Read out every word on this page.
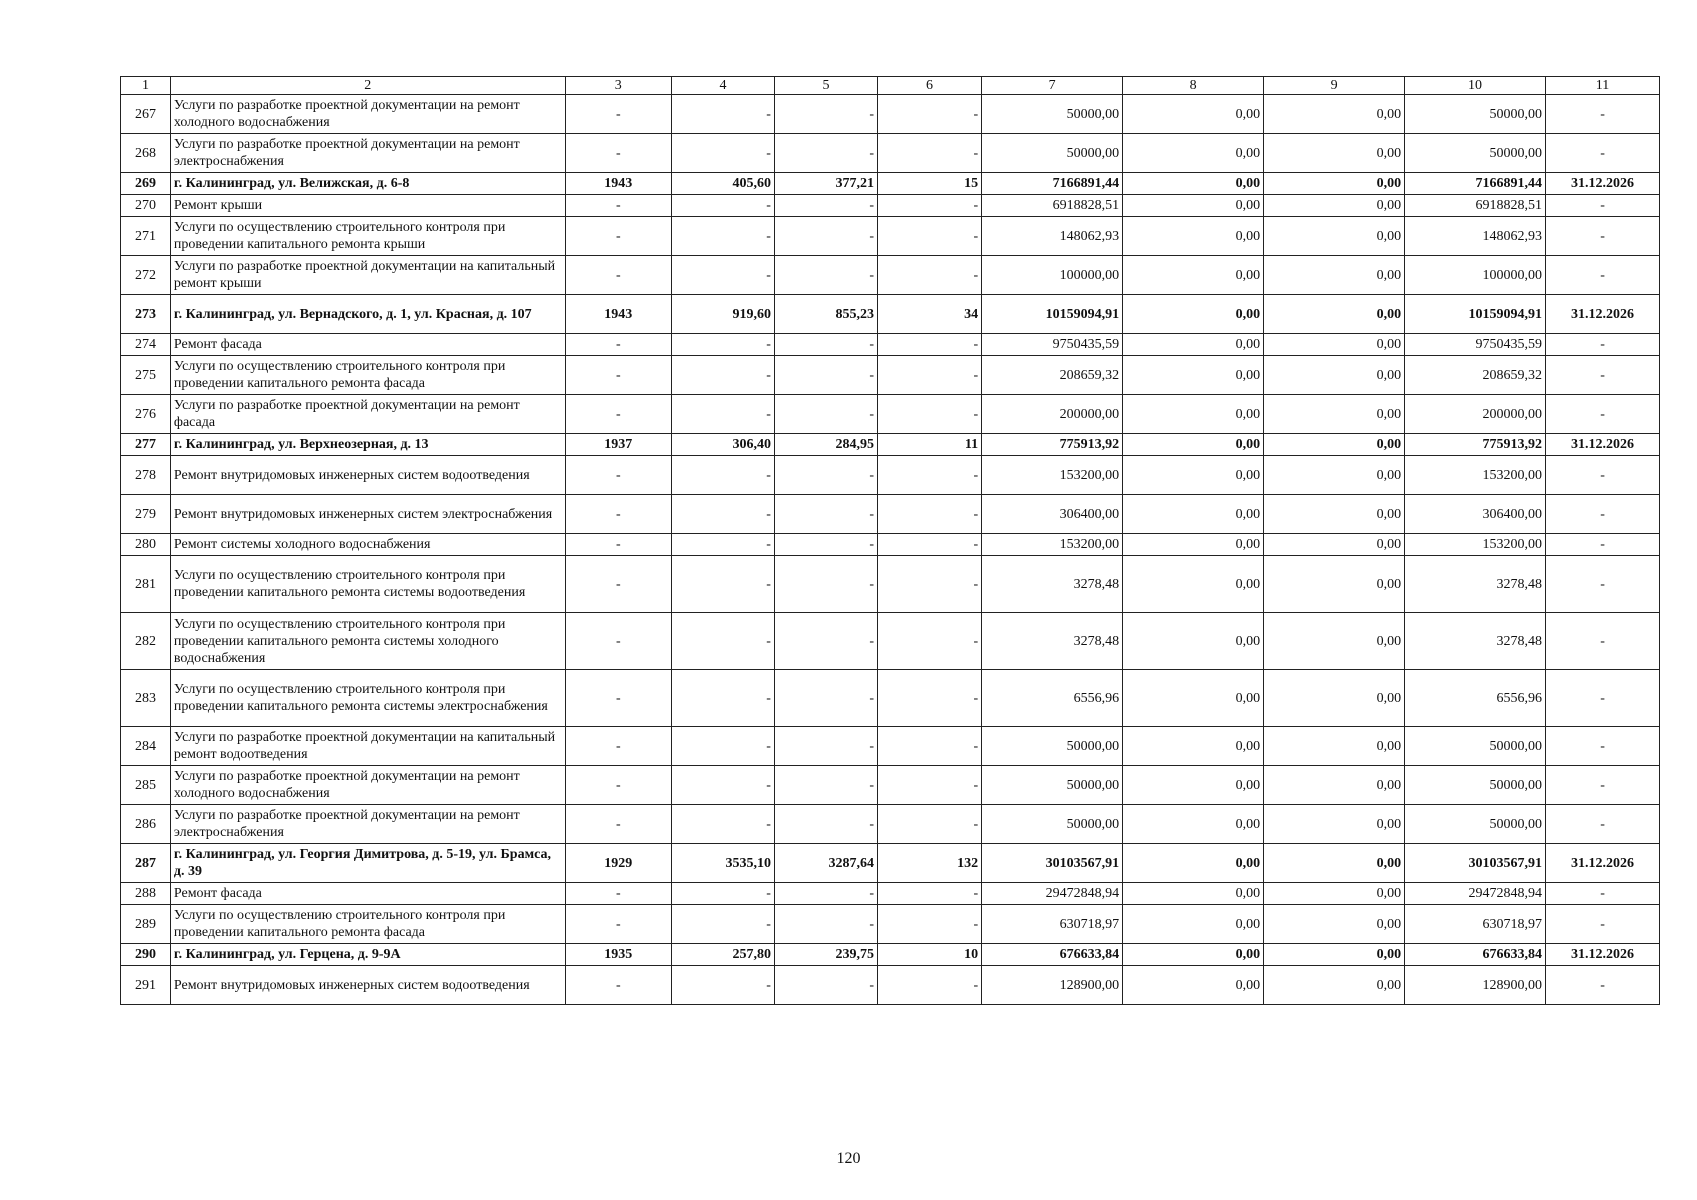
1	2	3	4	5	6	7	8	9	10	11
267	Услуги по разработке проектной документации на ремонт холодного водоснабжения	-	-	-	-	50000,00	0,00	0,00	50000,00	-
268	Услуги по разработке проектной документации на ремонт электроснабжения	-	-	-	-	50000,00	0,00	0,00	50000,00	-
269	г. Калининград, ул. Велижская, д. 6-8	1943	405,60	377,21	15	7166891,44	0,00	0,00	7166891,44	31.12.2026
270	Ремонт крыши	-	-	-	-	6918828,51	0,00	0,00	6918828,51	-
271	Услуги по осуществлению строительного контроля при проведении капитального ремонта крыши	-	-	-	-	148062,93	0,00	0,00	148062,93	-
272	Услуги по разработке проектной документации на капитальный ремонт крыши	-	-	-	-	100000,00	0,00	0,00	100000,00	-
273	г. Калининград, ул. Вернадского, д. 1, ул. Красная, д. 107	1943	919,60	855,23	34	10159094,91	0,00	0,00	10159094,91	31.12.2026
274	Ремонт фасада	-	-	-	-	9750435,59	0,00	0,00	9750435,59	-
275	Услуги по осуществлению строительного контроля при проведении капитального ремонта фасада	-	-	-	-	208659,32	0,00	0,00	208659,32	-
276	Услуги по разработке проектной документации на ремонт фасада	-	-	-	-	200000,00	0,00	0,00	200000,00	-
277	г. Калининград, ул. Верхнеозерная, д. 13	1937	306,40	284,95	11	775913,92	0,00	0,00	775913,92	31.12.2026
278	Ремонт внутридомовых инженерных систем водоотведения	-	-	-	-	153200,00	0,00	0,00	153200,00	-
279	Ремонт внутридомовых инженерных систем электроснабжения	-	-	-	-	306400,00	0,00	0,00	306400,00	-
280	Ремонт системы холодного водоснабжения	-	-	-	-	153200,00	0,00	0,00	153200,00	-
281	Услуги по осуществлению строительного контроля при проведении капитального ремонта системы водоотведения	-	-	-	-	3278,48	0,00	0,00	3278,48	-
282	Услуги по осуществлению строительного контроля при проведении капитального ремонта системы холодного водоснабжения	-	-	-	-	3278,48	0,00	0,00	3278,48	-
283	Услуги по осуществлению строительного контроля при проведении капитального ремонта системы электроснабжения	-	-	-	-	6556,96	0,00	0,00	6556,96	-
284	Услуги по разработке проектной документации на капитальный ремонт водоотведения	-	-	-	-	50000,00	0,00	0,00	50000,00	-
285	Услуги по разработке проектной документации на ремонт холодного водоснабжения	-	-	-	-	50000,00	0,00	0,00	50000,00	-
286	Услуги по разработке проектной документации на ремонт электроснабжения	-	-	-	-	50000,00	0,00	0,00	50000,00	-
287	г. Калининград, ул. Георгия Димитрова, д. 5-19, ул. Брамса, д. 39	1929	3535,10	3287,64	132	30103567,91	0,00	0,00	30103567,91	31.12.2026
288	Ремонт фасада	-	-	-	-	29472848,94	0,00	0,00	29472848,94	-
289	Услуги по осуществлению строительного контроля при проведении капитального ремонта фасада	-	-	-	-	630718,97	0,00	0,00	630718,97	-
290	г. Калининград, ул. Герцена, д. 9-9А	1935	257,80	239,75	10	676633,84	0,00	0,00	676633,84	31.12.2026
291	Ремонт внутридомовых инженерных систем водоотведения	-	-	-	-	128900,00	0,00	0,00	128900,00	-
120
